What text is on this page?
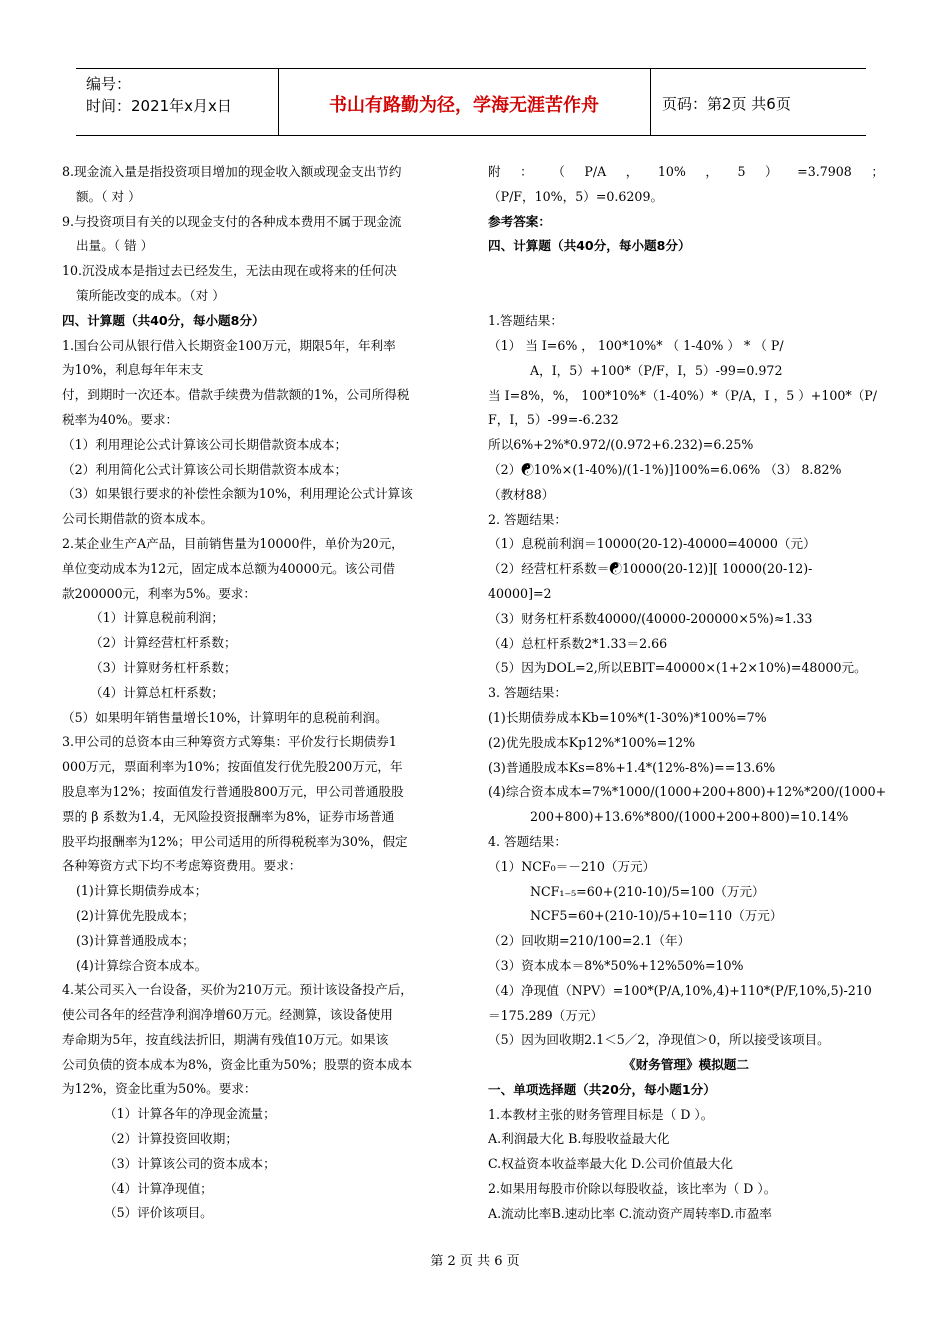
编号：
时间：2021年x月x日	书山有路勤为径，学海无涯苦作舟	页码：第2页 共6页
8.现金流入量是指投资项目增加的现金收入额或现金支出节约
额。（ 对 ）
9.与投资项目有关的以现金支付的各种成本费用不属于现金流
出量。（ 错 ）
10.沉没成本是指过去已经发生，无法由现在或将来的任何决
策所能改变的成本。（对 ）
四、计算题（共40分，每小题8分）
1.国台公司从银行借入长期资金100万元，期限5年，年利率
为10%，利息每年年末支
付，到期时一次还本。借款手续费为借款额的1%，公司所得税
税率为40%。要求：
（1）利用理论公式计算该公司长期借款资本成本；
（2）利用简化公式计算该公司长期借款资本成本；
（3）如果银行要求的补偿性余额为10%，利用理论公式计算该
公司长期借款的资本成本。
2.某企业生产A产品，目前销售量为10000件，单价为20元，
单位变动成本为12元，固定成本总额为40000元。该公司借
款200000元，利率为5%。要求：
（1）计算息税前利润；
（2）计算经营杠杆系数；
（3）计算财务杠杆系数；
（4）计算总杠杆系数；
（5）如果明年销售量增长10%，计算明年的息税前利润。
3.甲公司的总资本由三种筹资方式筹集：平价发行长期债券1
000万元，票面利率为10%；按面值发行优先股200万元，年
股息率为12%；按面值发行普通股800万元，甲公司普通股股
票的 β 系数为1.4，无风险投资报酬率为8%，证券市场普通
股平均报酬率为12%；甲公司适用的所得税税率为30%，假定
各种筹资方式下均不考虑筹资费用。要求：
(1)计算长期债券成本；
(2)计算优先股成本；
(3)计算普通股成本；
(4)计算综合资本成本。
4.某公司买入一台设备，买价为210万元。预计该设备投产后，
使公司各年的经营净利润净增60万元。经测算，该设备使用
寿命期为5年，按直线法折旧，期满有残值10万元。如果该
公司负债的资本成本为8%，资金比重为50%；股票的资本成本
为12%，资金比重为50%。要求：
（1）计算各年的净现金流量；
（2）计算投资回收期；
（3）计算该公司的资本成本；
（4）计算净现值；
（5）评价该项目。
附 ： （ P/A ， 10% ， 5 ） =3.7908 ；
（P/F，10%，5）=0.6209。
参考答案：
四、计算题（共40分，每小题8分）
1.答题结果：
（1） 当 I=6% ， 100*10%* （ 1-40% ） * （ P/
A，I，5）+100*（P/F，I，5）-99=0.972
当 I=8%，%， 100*10%*（1-40%）*（P/A，I ，5 ）+100*（P/
F，I，5）-99=-6.232
所以6%+2%*0.972/(0.972+6.232)=6.25%
（2）☯10%×(1-40%)/(1-1%)]100%=6.06% （3） 8.82%
（教材88）
2. 答题结果：
（1）息税前利润＝10000(20-12)-40000=40000（元）
（2）经营杠杆系数＝☯10000(20-12)][ 10000(20-12)-
40000]=2
（3）财务杠杆系数40000/(40000-200000×5%)≈1.33
（4）总杠杆系数2*1.33＝2.66
（5）因为DOL=2,所以EBIT=40000×(1+2×10%)=48000元。
3. 答题结果：
(1)长期债券成本Kb=10%*(1-30%)*100%=7%
(2)优先股成本Kp12%*100%=12%
(3)普通股成本Ks=8%+1.4*(12%-8%)==13.6%
(4)综合资本成本=7%*1000/(1000+200+800)+12%*200/(1000+
200+800)+13.6%*800/(1000+200+800)=10.14%
4. 答题结果：
（1）NCF₀＝－210（万元）
NCF₁₋₅=60+(210-10)/5=100（万元）
NCF5=60+(210-10)/5+10=110（万元）
（2）回收期=210/100=2.1（年）
（3）资本成本＝8%*50%+12%50%=10%
（4）净现值（NPV）=100*(P/A,10%,4)+110*(P/F,10%,5)-210
＝175.289（万元）
（5）因为回收期2.1＜5／2，净现值＞0，所以接受该项目。
《财务管理》模拟题二
一、单项选择题（共20分，每小题1分）
1.本教材主张的财务管理目标是（ D ）。
A.利润最大化 B.每股收益最大化
C.权益资本收益率最大化 D.公司价值最大化
2.如果用每股市价除以每股收益，该比率为（ D ）。
A.流动比率B.速动比率 C.流动资产周转率D.市盈率
第 2 页 共 6 页
